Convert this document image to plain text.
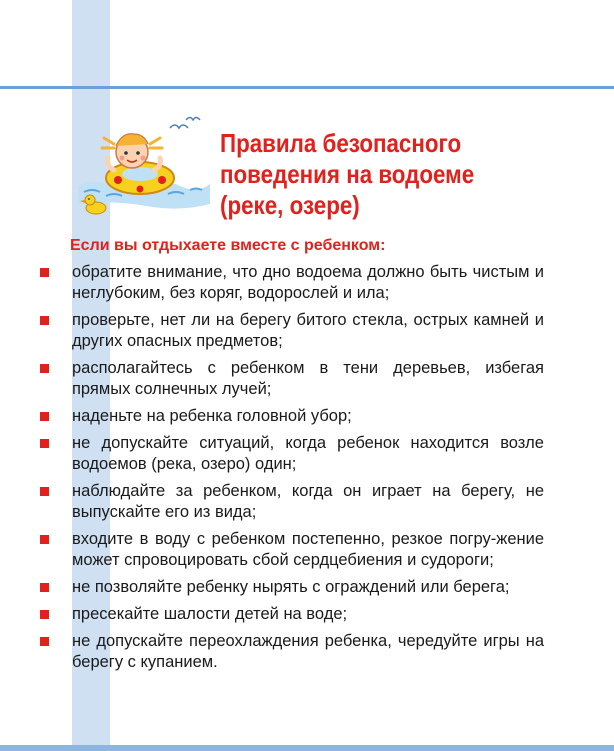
Правила безопасного
поведения на водоеме
(реке, озере)
Если вы отдыхаете вместе с ребенком:
обратите внимание, что дно водоема должно быть чистым и неглубоким, без коряг, водорослей и ила;
проверьте, нет ли на берегу битого стекла, острых камней и других опасных предметов;
располагайтесь с ребенком в тени деревьев, избегая прямых солнечных лучей;
наденьте на ребенка головной убор;
не допускайте ситуаций, когда ребенок находится возле водоемов (река, озеро) один;
наблюдайте за ребенком, когда он играет на берегу, не выпускайте его из вида;
входите в воду с ребенком постепенно, резкое погру-жение может спровоцировать сбой сердцебиения и судороги;
не позволяйте ребенку нырять с ограждений или берега;
пресекайте шалости детей на воде;
не допускайте переохлаждения ребенка, чередуйте игры на берегу с купанием.
